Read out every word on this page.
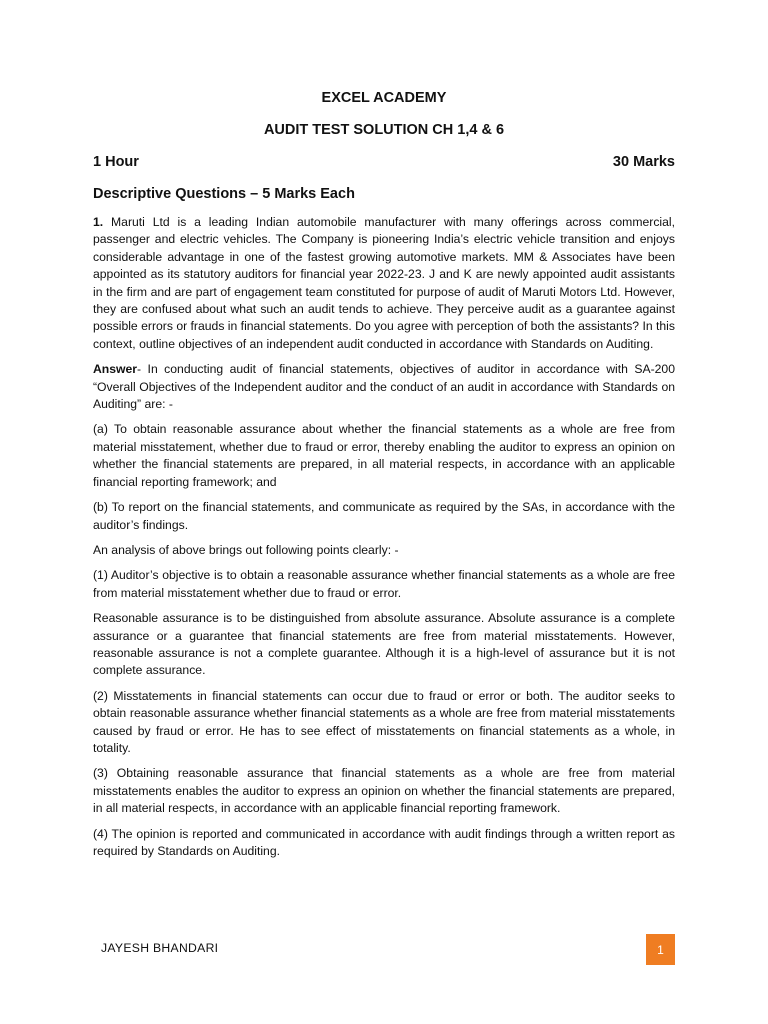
EXCEL ACADEMY

AUDIT TEST SOLUTION CH 1,4 & 6

1 Hour	30 Marks
Descriptive Questions – 5 Marks Each

1. Maruti Ltd is a leading Indian automobile manufacturer with many offerings across commercial, passenger and electric vehicles. The Company is pioneering India’s electric vehicle transition and enjoys considerable advantage in one of the fastest growing automotive markets. MM & Associates have been appointed as its statutory auditors for financial year 2022-23. J and K are newly appointed audit assistants in the firm and are part of engagement team constituted for purpose of audit of Maruti Motors Ltd. However, they are confused about what such an audit tends to achieve. They perceive audit as a guarantee against possible errors or frauds in financial statements. Do you agree with perception of both the assistants? In this context, outline objectives of an independent audit conducted in accordance with Standards on Auditing.

Answer- In conducting audit of financial statements, objectives of auditor in accordance with SA-200 “Overall Objectives of the Independent auditor and the conduct of an audit in accordance with Standards on Auditing” are: -

(a) To obtain reasonable assurance about whether the financial statements as a whole are free from material misstatement, whether due to fraud or error, thereby enabling the auditor to express an opinion on whether the financial statements are prepared, in all material respects, in accordance with an applicable financial reporting framework; and

(b) To report on the financial statements, and communicate as required by the SAs, in accordance with the auditor’s findings.

An analysis of above brings out following points clearly: -

(1) Auditor’s objective is to obtain a reasonable assurance whether financial statements as a whole are free from material misstatement whether due to fraud or error.

Reasonable assurance is to be distinguished from absolute assurance. Absolute assurance is a complete assurance or a guarantee that financial statements are free from material misstatements. However, reasonable assurance is not a complete guarantee. Although it is a high-level of assurance but it is not complete assurance.

(2) Misstatements in financial statements can occur due to fraud or error or both. The auditor seeks to obtain reasonable assurance whether financial statements as a whole are free from material misstatements caused by fraud or error. He has to see effect of misstatements on financial statements as a whole, in totality.

(3) Obtaining reasonable assurance that financial statements as a whole are free from material misstatements enables the auditor to express an opinion on whether the financial statements are prepared, in all material respects, in accordance with an applicable financial reporting framework.

(4) The opinion is reported and communicated in accordance with audit findings through a written report as required by Standards on Auditing.

JAYESH BHANDARI	1
